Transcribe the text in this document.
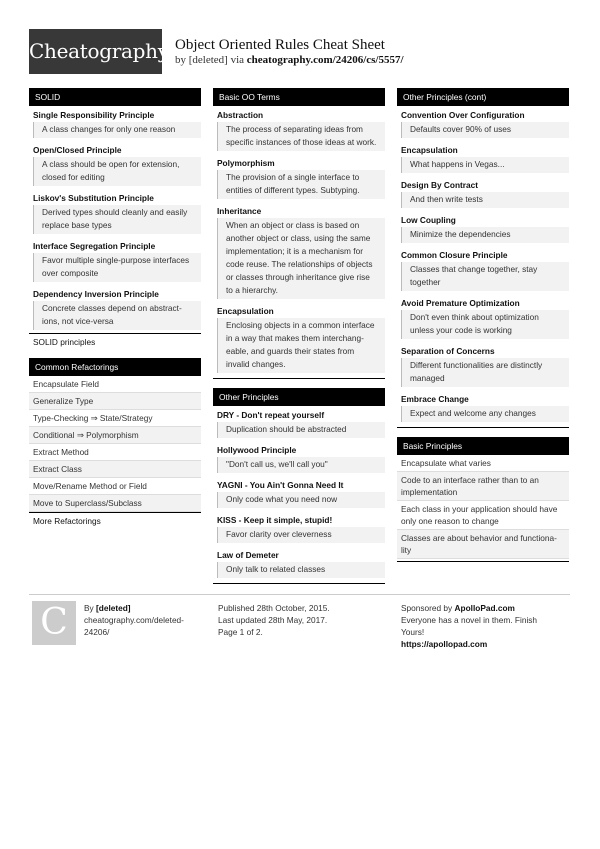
Cheatography Object Oriented Rules Cheat Sheet
by [deleted] via cheatography.com/24206/cs/5557/
SOLID
Single Responsibility Principle
A class changes for only one reason
Open/Closed Principle
A class should be open for extension,
closed for editing
Liskov's Substitution Principle
Derived types should cleanly and easily
replace base types
Interface Segregation Principle
Favor multiple single-purpose interfaces
over composite
Dependency Inversion Principle
Concrete classes depend on abstract-
ions, not vice-versa
SOLID principles
Common Refactorings
Encapsulate Field
Generalize Type
Type-Checking ⇒ State/Strategy
Conditional ⇒ Polymorphism
Extract Method
Extract Class
Move/Rename Method or Field
Move to Superclass/Subclass
More Refactorings
Basic OO Terms
Abstraction
The process of separating ideas from
specific instances of those ideas at work.
Polymorphism
The provision of a single interface to
entities of different types. Subtyping.
Inheritance
When an object or class is based on
another object or class, using the same
implementation; it is a mechanism for
code reuse. The relationships of objects
or classes through inheritance give rise
to a hierarchy.
Encapsulation
Enclosing objects in a common interface
in a way that makes them interchang-
eable, and guards their states from
invalid changes.
Other Principles
DRY - Don't repeat yourself
Duplication should be abstracted
Hollywood Principle
"Don't call us, we'll call you"
YAGNI - You Ain't Gonna Need It
Only code what you need now
KISS - Keep it simple, stupid!
Favor clarity over cleverness
Law of Demeter
Only talk to related classes
Other Principles (cont)
Convention Over Configuration
Defaults cover 90% of uses
Encapsulation
What happens in Vegas...
Design By Contract
And then write tests
Low Coupling
Minimize the dependencies
Common Closure Principle
Classes that change together, stay
together
Avoid Premature Optimization
Don't even think about optimization
unless your code is working
Separation of Concerns
Different functionalities are distinctly
managed
Embrace Change
Expect and welcome any changes
Basic Principles
Encapsulate what varies
Code to an interface rather than to an
implementation
Each class in your application should have
only one reason to change
Classes are about behavior and functiona-
lity
C	By [deleted]
cheatography.com/deleted-
24206/
Published 28th October, 2015.
Last updated 28th May, 2017.
Page 1 of 2.
Sponsored by ApolloPad.com
Everyone has a novel in them. Finish
Yours!
https://apollopad.com
